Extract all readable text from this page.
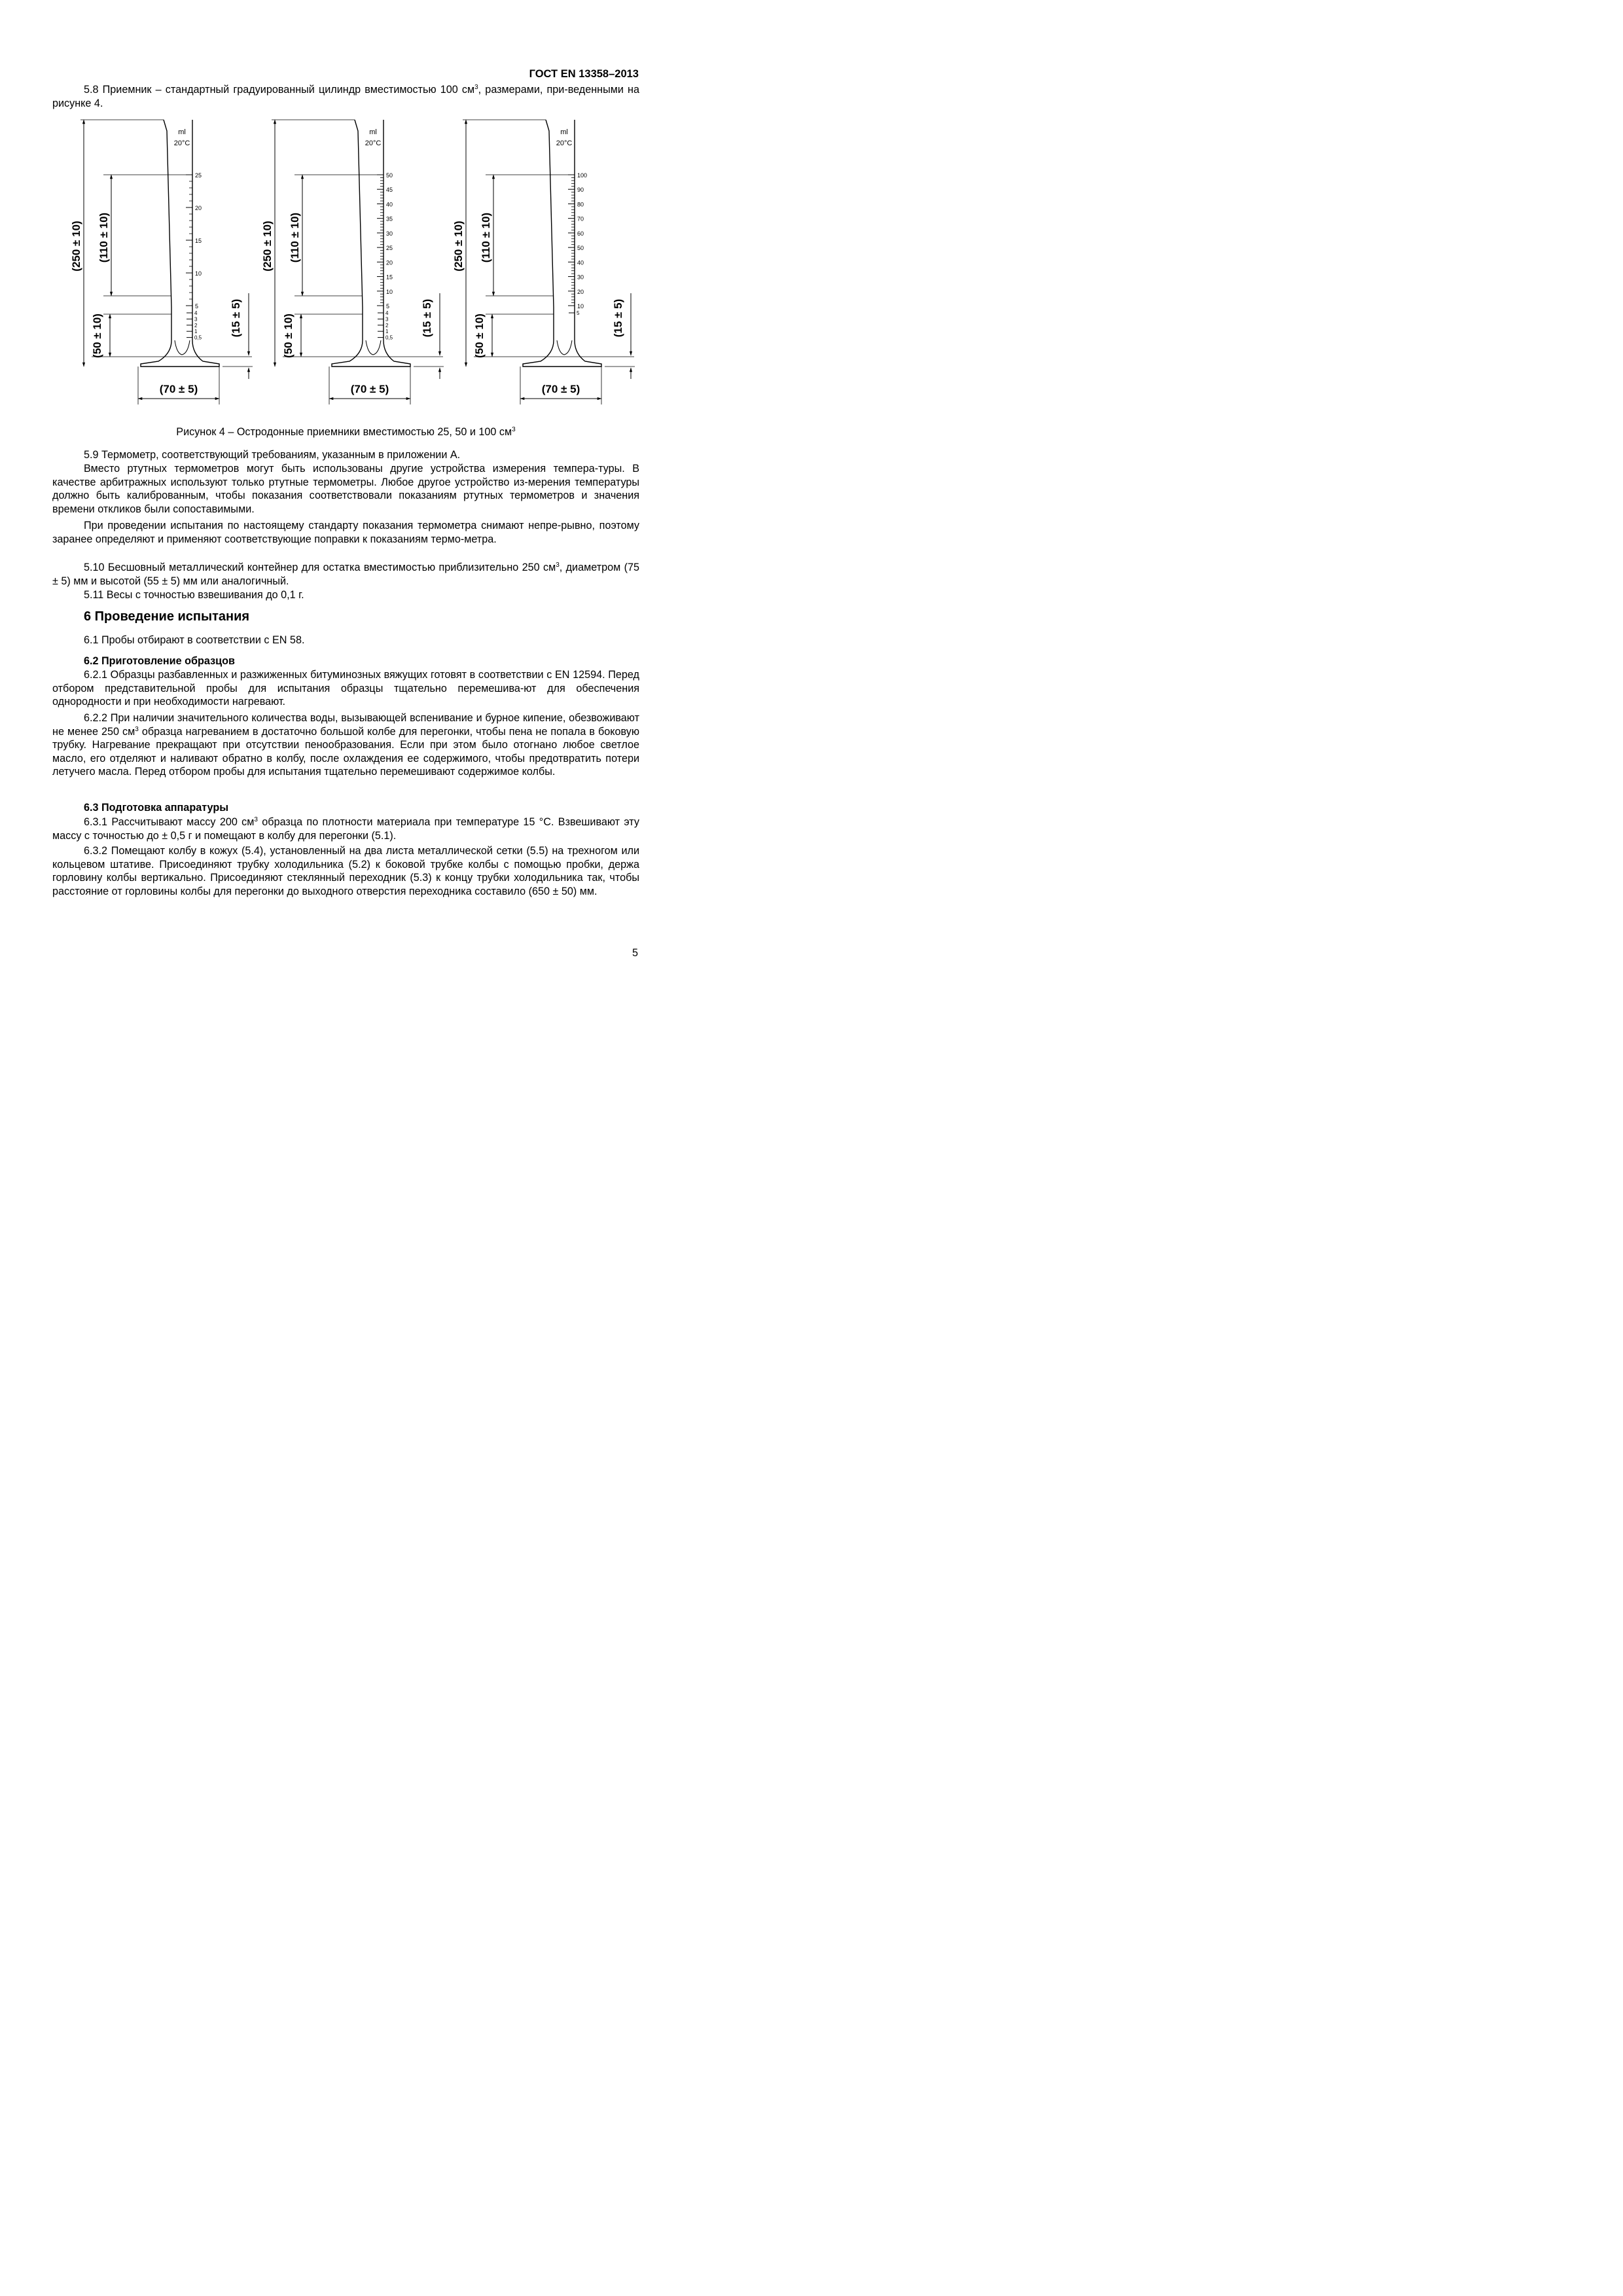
ГОСТ EN 13358–2013

5.8 Приемник – стандартный градуированный цилиндр вместимостью 100 $см^3$, размерами, при-веденными на рисунке 4.

ml
20°C
25
20
15
10
5
4
3
2
1
0,5
(250 ± 10) (110 ± 10)
(50 ± 10)	(15 ± 5)
(70 ± 5)
ml
20°C
50
45
40
35
30
25
20
15
10
5
4
3
2
1
0,5
(250 ± 10) (110 ± 10)
(50 ± 10)	(15 ± 5)
(70 ± 5)
ml
20°C
100
90
80
70
60
50
40
30
20
10
5
(250 ± 10) (110 ± 10)
(50 ± 10)	(15 ± 5)
(70 ± 5)
Рисунок 4 – Остродонные приемники вместимостью 25, 50 и 100 $см^3$

5.9 Термометр, соответствующий требованиям, указанным в приложении А.

Вместо ртутных термометров могут быть использованы другие устройства измерения темпера-туры. В качестве арбитражных используют только ртутные термометры. Любое другое устройство из-мерения температуры должно быть калиброванным, чтобы показания соответствовали показаниям ртутных термометров и значения времени откликов были сопоставимыми.

При проведении испытания по настоящему стандарту показания термометра снимают непре-рывно, поэтому заранее определяют и применяют соответствующие поправки к показаниям термо-метра.

5.10 Бесшовный металлический контейнер для остатка вместимостью приблизительно 250 $см^3$, диаметром (75 ± 5) мм и высотой (55 ± 5) мм или аналогичный.

5.11 Весы с точностью взвешивания до 0,1 г.

6 Проведение испытания

6.1 Пробы отбирают в соответствии с EN 58.

6.2 Приготовление образцов

6.2.1 Образцы разбавленных и разжиженных битуминозных вяжущих готовят в соответствии с EN 12594. Перед отбором представительной пробы для испытания образцы тщательно перемешива-ют для обеспечения однородности и при необходимости нагревают.

6.2.2 При наличии значительного количества воды, вызывающей вспенивание и бурное кипение, обезвоживают не менее 250 $см^3$ образца нагреванием в достаточно большой колбе для перегонки, чтобы пена не попала в боковую трубку. Нагревание прекращают при отсутствии пенообразования. Если при этом было отогнано любое светлое масло, его отделяют и наливают обратно в колбу, после охлаждения ее содержимого, чтобы предотвратить потери летучего масла. Перед отбором пробы для испытания тщательно перемешивают содержимое колбы.

6.3 Подготовка аппаратуры

6.3.1 Рассчитывают массу 200 $см^3$ образца по плотности материала при температуре 15 °С. Взвешивают эту массу с точностью до ± 0,5 г и помещают в колбу для перегонки (5.1).

6.3.2 Помещают колбу в кожух (5.4), установленный на два листа металлической сетки (5.5) на трехногом или кольцевом штативе. Присоединяют трубку холодильника (5.2) к боковой трубке колбы с помощью пробки, держа горловину колбы вертикально. Присоединяют стеклянный переходник (5.3) к концу трубки холодильника так, чтобы расстояние от горловины колбы для перегонки до выходного отверстия переходника составило (650 ± 50) мм.

5
